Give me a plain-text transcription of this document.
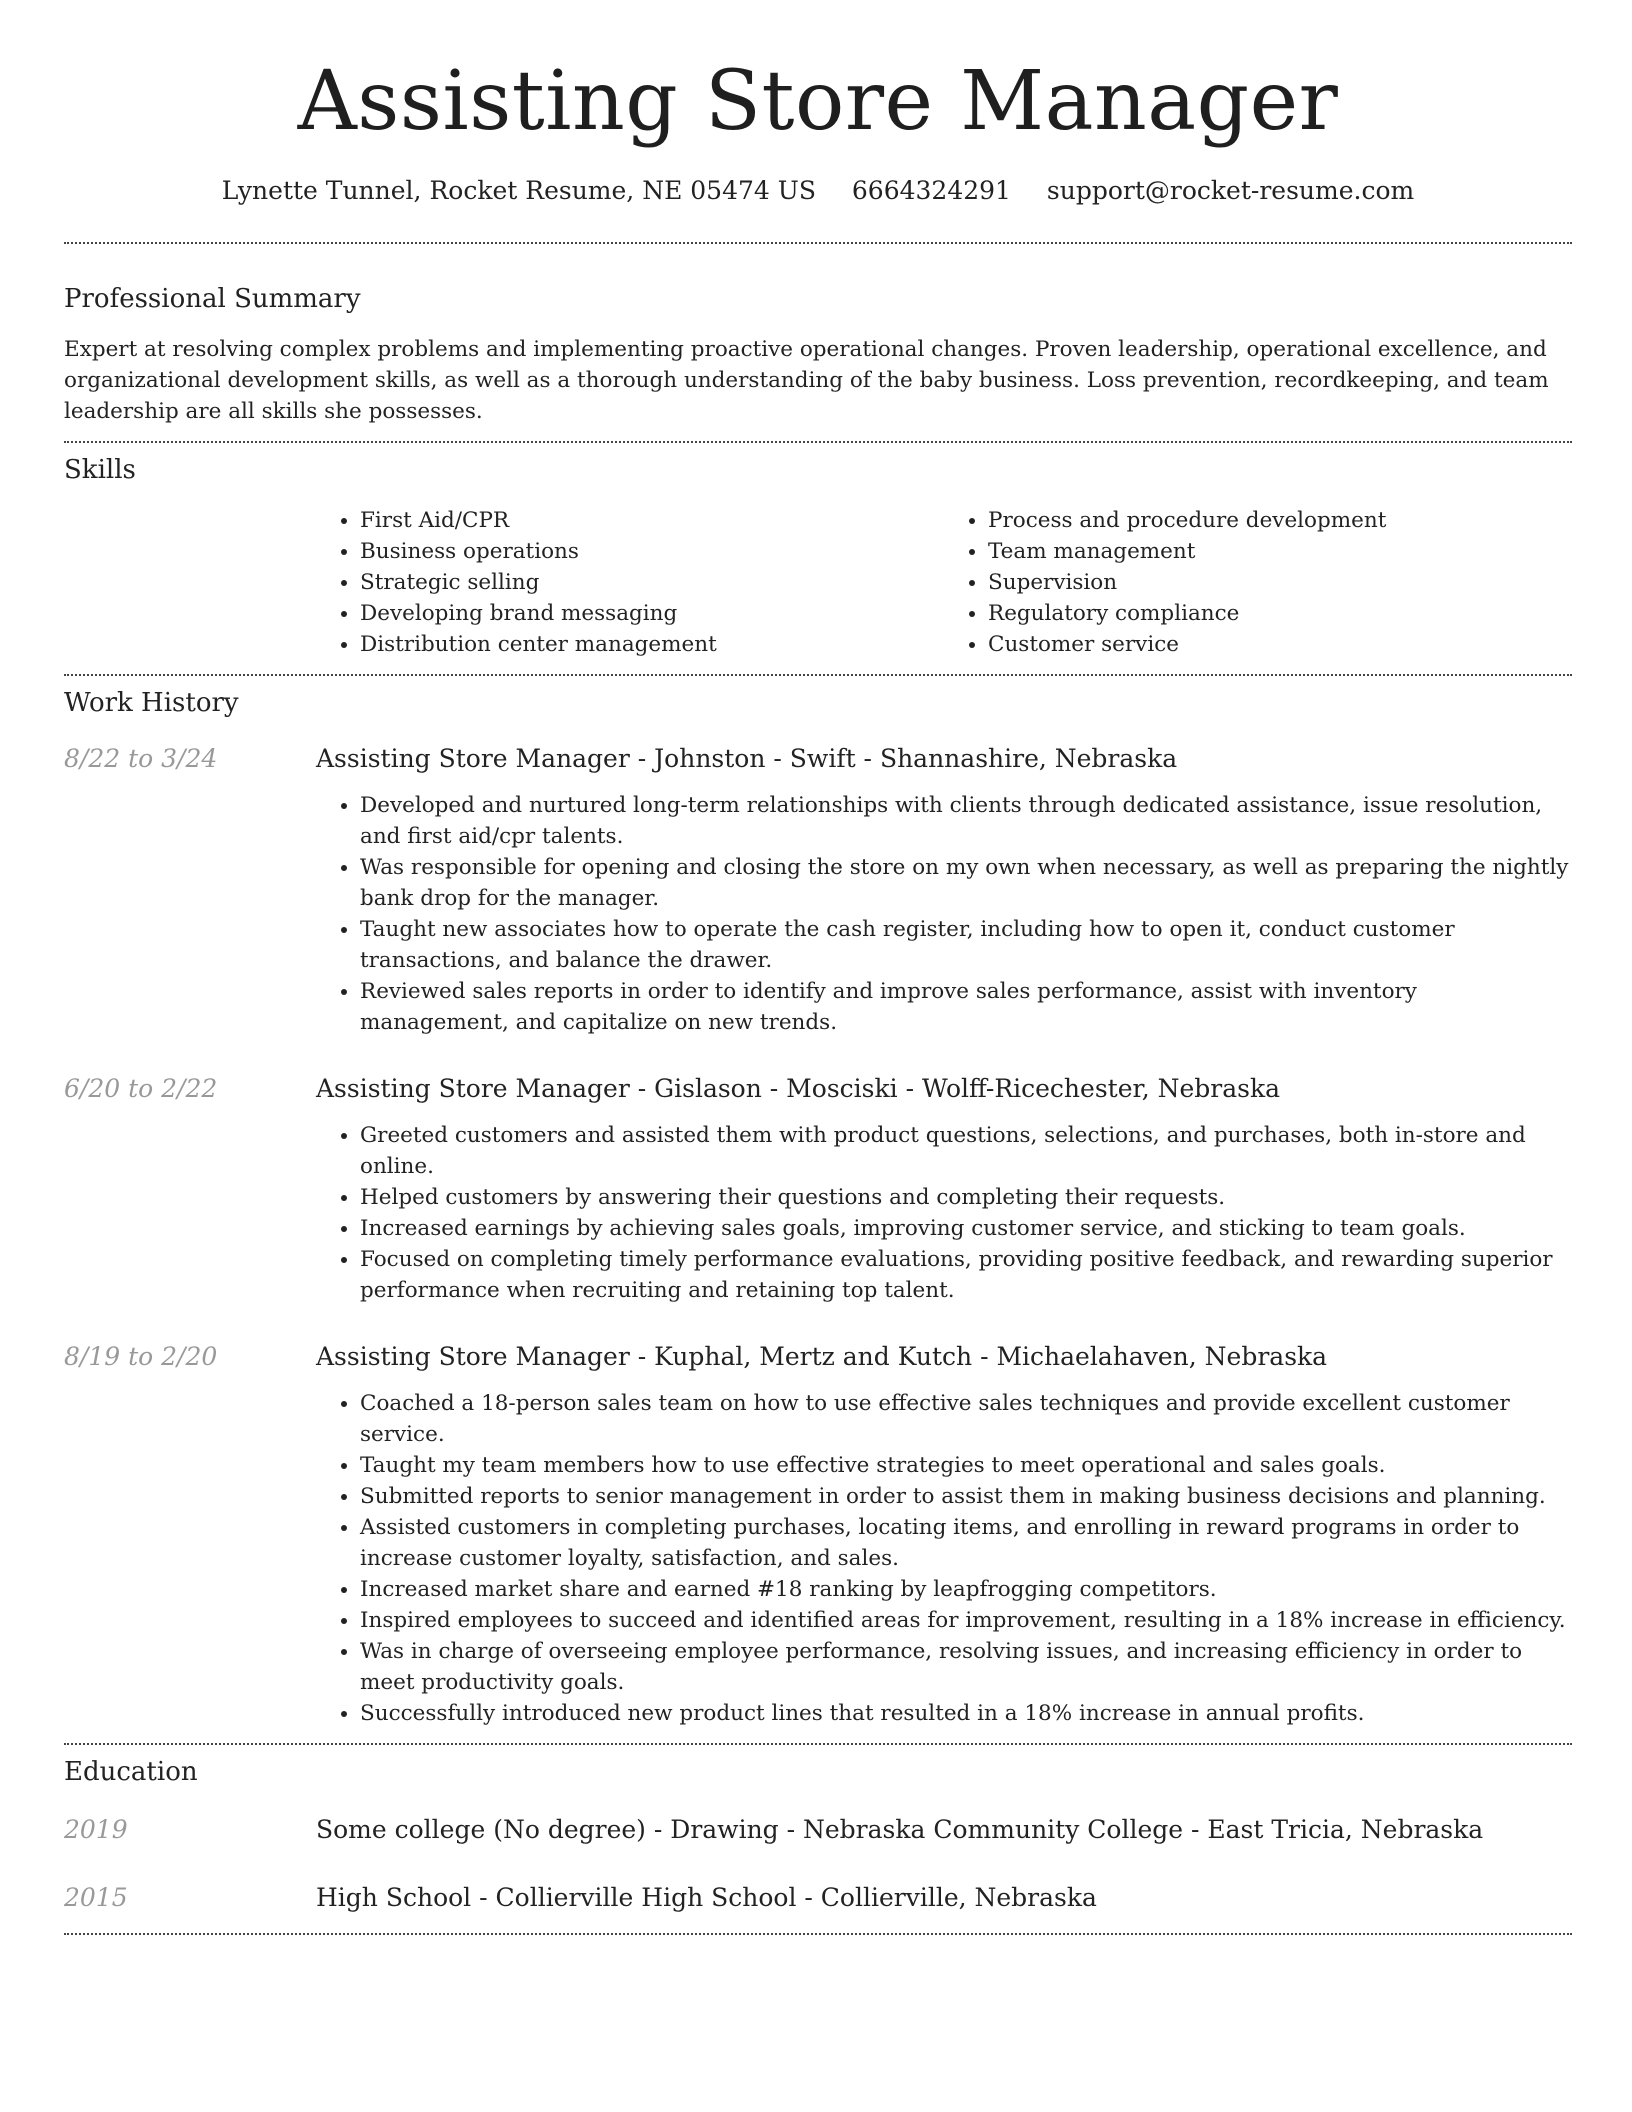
Assisting Store Manager
Lynette Tunnel, Rocket Resume, NE 05474 US 6664324291 support@rocket-resume.com
Professional Summary

Expert at resolving complex problems and implementing proactive operational changes. Proven leadership, operational excellence, and organizational development skills, as well as a thorough understanding of the baby business. Loss prevention, recordkeeping, and team leadership are all skills she possesses.

Skills
• First Aid/CPR
• Business operations
• Strategic selling
• Developing brand messaging
• Distribution center management
• Process and procedure development
• Team management
• Supervision
• Regulatory compliance
• Customer service
Work History
8/22 to 3/24	Assisting Store Manager - Johnston - Swift - Shannashire, Nebraska
• Developed and nurtured long-term relationships with clients through dedicated assistance, issue resolution, and first aid/cpr talents.
• Was responsible for opening and closing the store on my own when necessary, as well as preparing the nightly bank drop for the manager.
• Taught new associates how to operate the cash register, including how to open it, conduct customer transactions, and balance the drawer.
• Reviewed sales reports in order to identify and improve sales performance, assist with inventory management, and capitalize on new trends.
6/20 to 2/22	Assisting Store Manager - Gislason - Mosciski - Wolff-Ricechester, Nebraska
• Greeted customers and assisted them with product questions, selections, and purchases, both in-store and online.
• Helped customers by answering their questions and completing their requests.
• Increased earnings by achieving sales goals, improving customer service, and sticking to team goals.
• Focused on completing timely performance evaluations, providing positive feedback, and rewarding superior performance when recruiting and retaining top talent.
8/19 to 2/20	Assisting Store Manager - Kuphal, Mertz and Kutch - Michaelahaven, Nebraska
• Coached a 18-person sales team on how to use effective sales techniques and provide excellent customer service.
• Taught my team members how to use effective strategies to meet operational and sales goals.
• Submitted reports to senior management in order to assist them in making business decisions and planning.
• Assisted customers in completing purchases, locating items, and enrolling in reward programs in order to increase customer loyalty, satisfaction, and sales.
• Increased market share and earned #18 ranking by leapfrogging competitors.
• Inspired employees to succeed and identified areas for improvement, resulting in a 18% increase in efficiency.
• Was in charge of overseeing employee performance, resolving issues, and increasing efficiency in order to meet productivity goals.
• Successfully introduced new product lines that resulted in a 18% increase in annual profits.
Education
2019	Some college (No degree) - Drawing - Nebraska Community College - East Tricia, Nebraska
2015	High School - Collierville High School - Collierville, Nebraska
